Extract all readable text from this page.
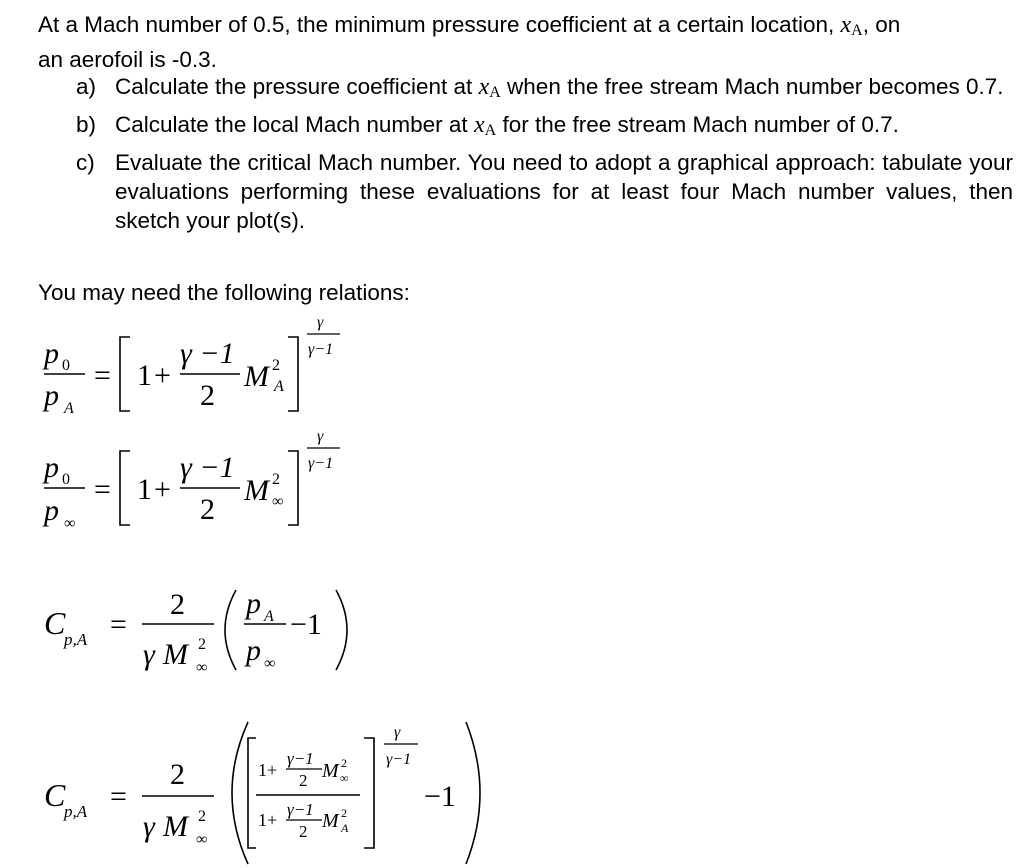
At a Mach number of 0.5, the minimum pressure coefficient at a certain location, $x_A$, on
an aerofoil is -0.3.
a) Calculate the pressure coefficient at $x_A$ when the free stream Mach number becomes 0.7.
b) Calculate the local Mach number at $x_A$ for the free stream Mach number of 0.7.
c) Evaluate the critical Mach number. You need to adopt a graphical approach: tabulate your evaluations performing these evaluations for at least four Mach number values, then sketch your plot(s).
You may need the following relations:
p 0
p A
= 1 +
γ −1
2
M 2
A
γ
γ−1
p 0
p ∞
= 1 +
γ −1
2
M 2
∞
γ
γ−1
C
p,A =
2
γ M 2
∞
p A
p ∞
−1
C
p,A =
2
γ M 2
∞
1+
γ−1
2 M 2
∞
1+
γ−1
2 M 2
A
γ
γ−1
−1
